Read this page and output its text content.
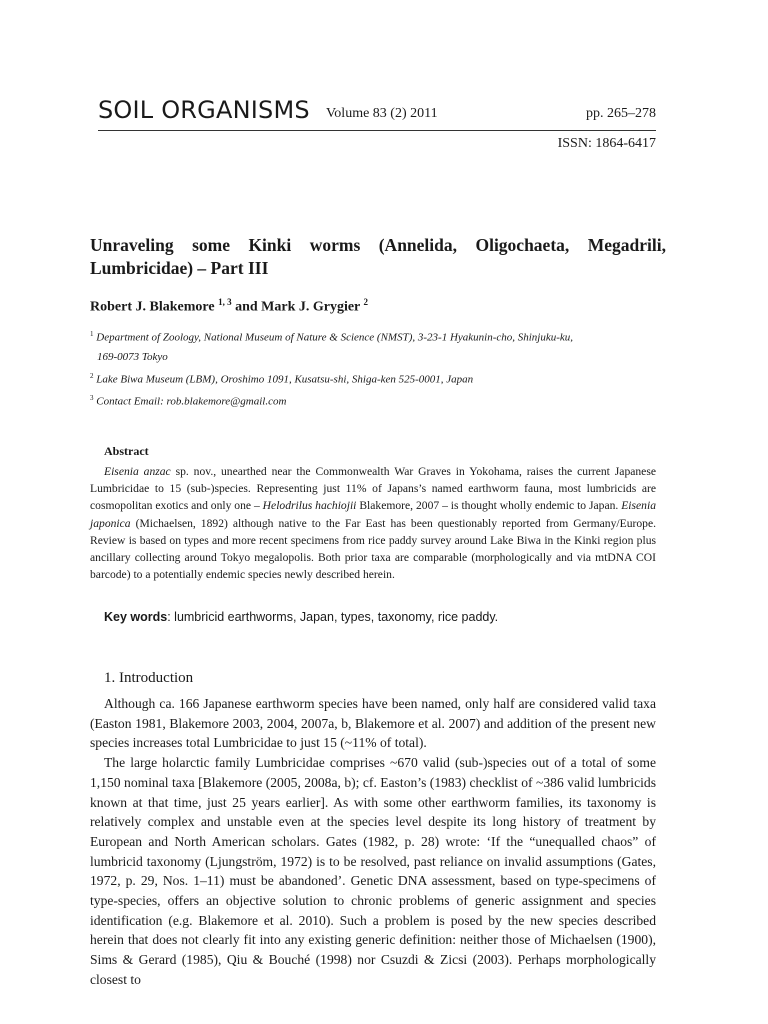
SOIL ORGANISMS Volume 83 (2) 2011	pp. 265–278
ISSN: 1864-6417
Unraveling some Kinki worms (Annelida, Oligochaeta, Megadrili, Lumbricidae) – Part III
Robert J. Blakemore $^{1, 3}$ and Mark J. Grygier $^2$
$^1$ Department of Zoology, National Museum of Nature & Science (NMST), 3-23-1 Hyakunin-cho, Shinjuku-ku,
169-0073 Tokyo
$^2$ Lake Biwa Museum (LBM), Oroshimo 1091, Kusatsu-shi, Shiga-ken 525-0001, Japan
$^3$ Contact Email: rob.blakemore@gmail.com
Abstract

Eisenia anzac sp. nov., unearthed near the Commonwealth War Graves in Yokohama, raises the current Japanese Lumbricidae to 15 (sub-)species. Representing just 11% of Japans’s named earthworm fauna, most lumbricids are cosmopolitan exotics and only one – Helodrilus hachiojii Blakemore, 2007 – is thought wholly endemic to Japan. Eisenia japonica (Michaelsen, 1892) although native to the Far East has been questionably reported from Germany/Europe. Review is based on types and more recent specimens from rice paddy survey around Lake Biwa in the Kinki region plus ancillary collecting around Tokyo megalopolis. Both prior taxa are comparable (morphologically and via mtDNA COI barcode) to a potentially endemic species newly described herein.

Key words: lumbricid earthworms, Japan, types, taxonomy, rice paddy.
1. Introduction

Although ca. 166 Japanese earthworm species have been named, only half are considered valid taxa (Easton 1981, Blakemore 2003, 2004, 2007a, b, Blakemore et al. 2007) and addition of the present new species increases total Lumbricidae to just 15 (~11% of total).

The large holarctic family Lumbricidae comprises ~670 valid (sub-)species out of a total of some 1,150 nominal taxa [Blakemore (2005, 2008a, b); cf. Easton’s (1983) checklist of ~386 valid lumbricids known at that time, just 25 years earlier]. As with some other earthworm families, its taxonomy is relatively complex and unstable even at the species level despite its long history of treatment by European and North American scholars. Gates (1982, p. 28) wrote: ‘If the “unequalled chaos” of lumbricid taxonomy (Ljungström, 1972) is to be resolved, past reliance on invalid assumptions (Gates, 1972, p. 29, Nos. 1–11) must be abandoned’. Genetic DNA assessment, based on type-specimens of type-species, offers an objective solution to chronic problems of generic assignment and species identification (e.g. Blakemore et al. 2010). Such a problem is posed by the new species described herein that does not clearly fit into any existing generic definition: neither those of Michaelsen (1900), Sims & Gerard (1985), Qiu & Bouché (1998) nor Csuzdi & Zicsi (2003). Perhaps morphologically closest to
